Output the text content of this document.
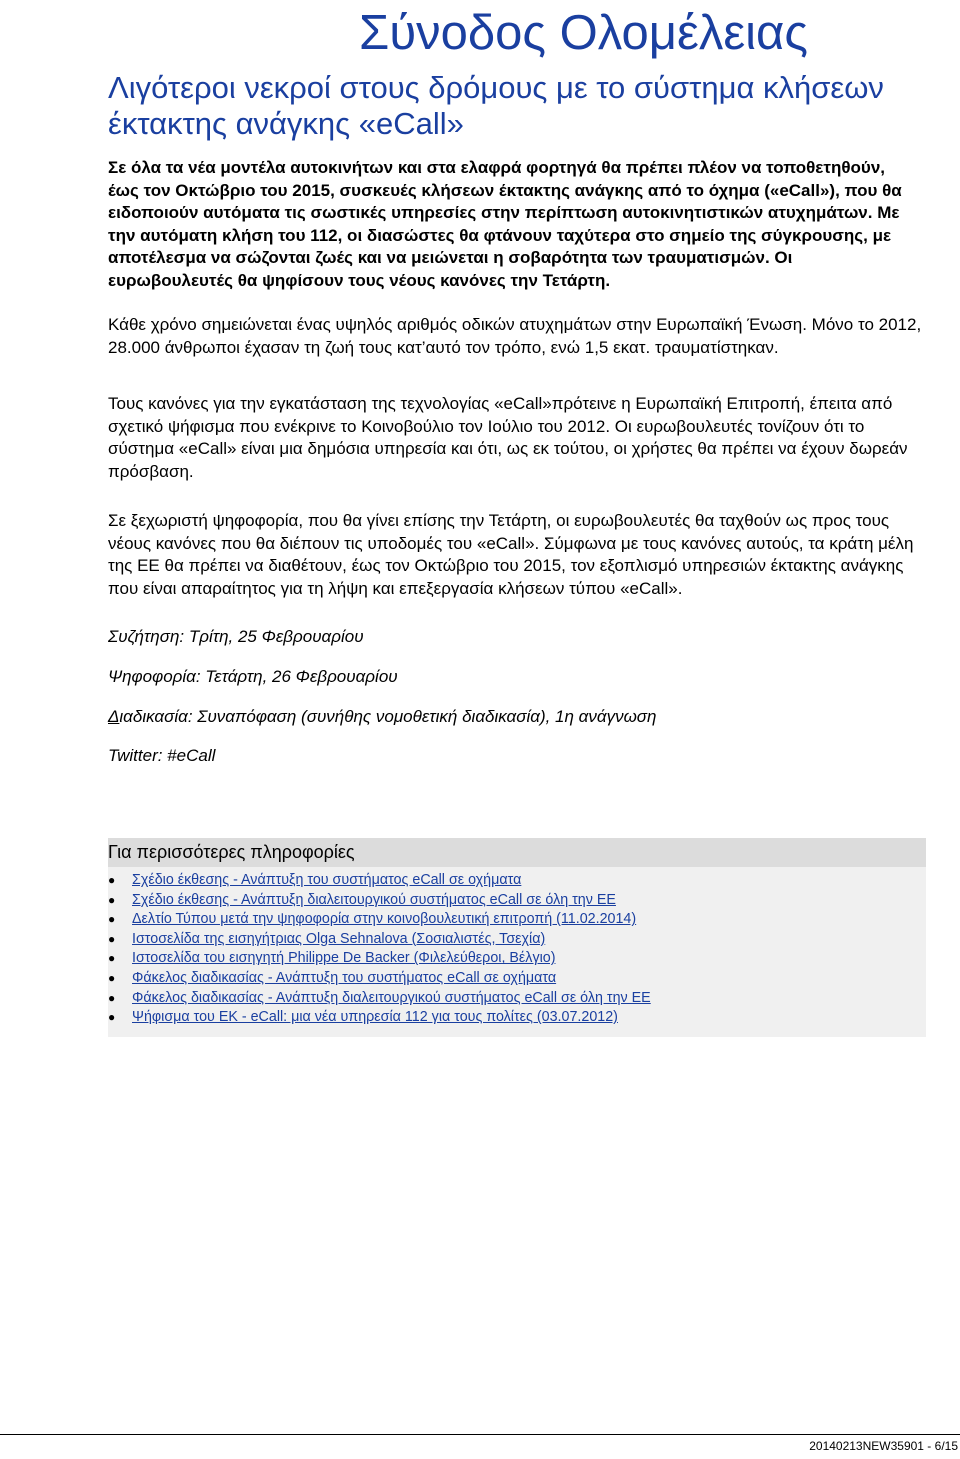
Σύνοδος Ολομέλειας
Λιγότεροι νεκροί στους δρόμους με το σύστημα κλήσεων έκτακτης ανάγκης «eCall»

Σε όλα τα νέα μοντέλα αυτοκινήτων και στα ελαφρά φορτηγά θα πρέπει πλέον να τοποθετηθούν, έως τον Οκτώβριο του 2015, συσκευές κλήσεων έκτακτης ανάγκης από το όχημα («eCall»), που θα ειδοποιούν αυτόματα τις σωστικές υπηρεσίες στην περίπτωση αυτοκινητιστικών ατυχημάτων. Με την αυτόματη κλήση του 112, οι διασώστες θα φτάνουν ταχύτερα στο σημείο της σύγκρουσης, με αποτέλεσμα να σώζονται ζωές και να μειώνεται η σοβαρότητα των τραυματισμών. Οι ευρωβουλευτές θα ψηφίσουν τους νέους κανόνες την Τετάρτη.

Κάθε χρόνο σημειώνεται ένας υψηλός αριθμός οδικών ατυχημάτων στην Ευρωπαϊκή Ένωση. Μόνο το 2012, 28.000 άνθρωποι έχασαν τη ζωή τους κατ’αυτό τον τρόπο, ενώ 1,5 εκατ. τραυματίστηκαν.

Τους κανόνες για την εγκατάσταση της τεχνολογίας «eCall»πρότεινε η Ευρωπαϊκή Επιτροπή, έπειτα από σχετικό ψήφισμα που ενέκρινε το Κοινοβούλιο τον Ιούλιο του 2012. Οι ευρωβουλευτές τονίζουν ότι το σύστημα «eCall» είναι μια δημόσια υπηρεσία και ότι, ως εκ τούτου, οι χρήστες θα πρέπει να έχουν δωρεάν πρόσβαση.

Σε ξεχωριστή ψηφοφορία, που θα γίνει επίσης την Τετάρτη, οι ευρωβουλευτές θα ταχθούν ως προς τους νέους κανόνες που θα διέπουν τις υποδομές του «eCall». Σύμφωνα με τους κανόνες αυτούς, τα κράτη μέλη της ΕΕ θα πρέπει να διαθέτουν, έως τον Οκτώβριο του 2015, τον εξοπλισμό υπηρεσιών έκτακτης ανάγκης που είναι απαραίτητος για τη λήψη και επεξεργασία κλήσεων τύπου «eCall».

Συζήτηση: Τρίτη, 25 Φεβρουαρίου

Ψηφοφορία: Τετάρτη, 26 Φεβρουαρίου

Διαδικασία: Συναπόφαση (συνήθης νομοθετική διαδικασία), 1η ανάγνωση

Twitter: #eCall

Για περισσότερες πληροφορίες
● Σχέδιο έκθεσης - Ανάπτυξη του συστήματος eCall σε οχήματα
● Σχέδιο έκθεσης - Ανάπτυξη διαλειτουργικού συστήματος eCall σε όλη την ΕΕ
● Δελτίο Τύπου μετά την ψηφοφορία στην κοινοβουλευτική επιτροπή (11.02.2014)
● Ιστοσελίδα της εισηγήτριας Olga Sehnalova (Σοσιαλιστές, Τσεχία)
● Ιστοσελίδα του εισηγητή Philippe De Backer (Φιλελεύθεροι, Βέλγιο)
● Φάκελος διαδικασίας - Ανάπτυξη του συστήματος eCall σε οχήματα
● Φάκελος διαδικασίας - Ανάπτυξη διαλειτουργικού συστήματος eCall σε όλη την ΕΕ
● Ψήφισμα του ΕΚ - eCall: μια νέα υπηρεσία 112 για τους πολίτες (03.07.2012)
20140213NEW35901 - 6/15
